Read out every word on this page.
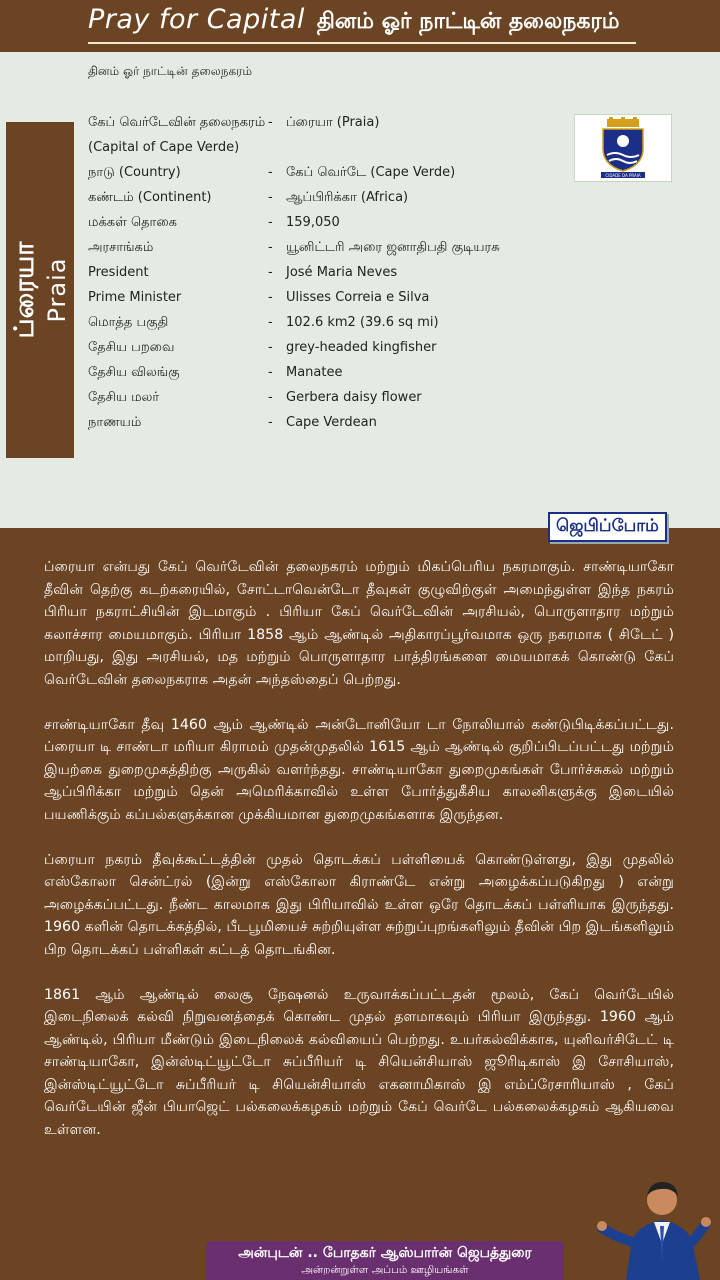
Pray for Capital தினம் ஓர் நாட்டின் தலைநகரம்
தினம் ஓர் நாட்டின் தலைநகரம்
ப்ரையா Praia
கேப் வெர்டேவின் தலைநகரம் - ப்ரையா (Praia)
(Capital of Cape Verde)
நாடு (Country)	- கேப் வெர்டே (Cape Verde)
கண்டம் (Continent)	- ஆப்பிரிக்கா (Africa)
மக்கள் தொகை	- 159,050
அரசாங்கம்	- யூனிட்டரி அரை ஜனாதிபதி குடியரசு
President	- José Maria Neves
Prime Minister	- Ulisses Correia e Silva
மொத்த பகுதி	- 102.6 km2 (39.6 sq mi)
தேசிய பறவை	- grey-headed kingfisher
தேசிய விலங்கு	- Manatee
தேசிய மலர்	- Gerbera daisy flower
நாணயம்	- Cape Verdean
CIDADE DA PRAIA
ஜெபிப்போம்

ப்ரையா என்பது கேப் வெர்டேவின் தலைநகரம் மற்றும் மிகப்பெரிய நகரமாகும். சாண்டியாகோ தீவின் தெற்கு கடற்கரையில், சோட்டாவென்டோ தீவுகள் குழுவிற்குள் அமைந்துள்ள இந்த நகரம் பிரியா நகராட்சியின் இடமாகும் . பிரியா கேப் வெர்டேவின் அரசியல், பொருளாதார மற்றும் கலாச்சார மையமாகும். பிரியா 1858 ஆம் ஆண்டில் அதிகாரப்பூர்வமாக ஒரு நகரமாக ( சிடேட் ) மாறியது, இது அரசியல், மத மற்றும் பொருளாதார பாத்திரங்களை மையமாகக் கொண்டு கேப் வெர்டேவின் தலைநகராக அதன் அந்தஸ்தைப் பெற்றது.

சாண்டியாகோ தீவு 1460 ஆம் ஆண்டில் அன்டோனியோ டா நோலியால் கண்டுபிடிக்கப்பட்டது. ப்ரையா டி சாண்டா மரியா கிராமம் முதன்முதலில் 1615 ஆம் ஆண்டில் குறிப்பிடப்பட்டது மற்றும் இயற்கை துறைமுகத்திற்கு அருகில் வளர்ந்தது. சாண்டியாகோ துறைமுகங்கள் போர்ச்சுகல் மற்றும் ஆப்பிரிக்கா மற்றும் தென் அமெரிக்காவில் உள்ள போர்த்துகீசிய காலனிகளுக்கு இடையில் பயணிக்கும் கப்பல்களுக்கான முக்கியமான துறைமுகங்களாக இருந்தன.

ப்ரையா நகரம் தீவுக்கூட்டத்தின் முதல் தொடக்கப் பள்ளியைக் கொண்டுள்ளது, இது முதலில் எஸ்கோலா சென்ட்ரல் (இன்று எஸ்கோலா கிராண்டே என்று அழைக்கப்படுகிறது ) என்று அழைக்கப்பட்டது. நீண்ட காலமாக இது பிரியாவில் உள்ள ஒரே தொடக்கப் பள்ளியாக இருந்தது. 1960 களின் தொடக்கத்தில், பீடபூமியைச் சுற்றியுள்ள சுற்றுப்புறங்களிலும் தீவின் பிற இடங்களிலும் பிற தொடக்கப் பள்ளிகள் கட்டத் தொடங்கின.

1861 ஆம் ஆண்டில் லைசூ நேஷனல் உருவாக்கப்பட்டதன் மூலம், கேப் வெர்டேயில் இடைநிலைக் கல்வி நிறுவனத்தைக் கொண்ட முதல் தளமாகவும் பிரியா இருந்தது. 1960 ஆம் ஆண்டில், பிரியா மீண்டும் இடைநிலைக் கல்வியைப் பெற்றது. உயர்கல்விக்காக, யுனிவர்சிடேட் டி சாண்டியாகோ, இன்ஸ்டிட்யூட்டோ சுப்பீரியர் டி சியென்சியாஸ் ஜூரிடிகாஸ் இ சோசியாஸ், இன்ஸ்டிட்யூட்டோ சுப்பீரியர் டி சியென்சியாஸ் எகனாமிகாஸ் இ எம்ப்ரேசாரியாஸ் , கேப் வெர்டேயின் ஜீன் பியாஜெட் பல்கலைக்கழகம் மற்றும் கேப் வெர்டே பல்கலைக்கழகம் ஆகியவை உள்ளன.

அன்புடன் .. போதகர் ஆஸ்பார்ன் ஜெபத்துரை
அன்றன்றுள்ள அப்பம் ஊழியங்கள்
